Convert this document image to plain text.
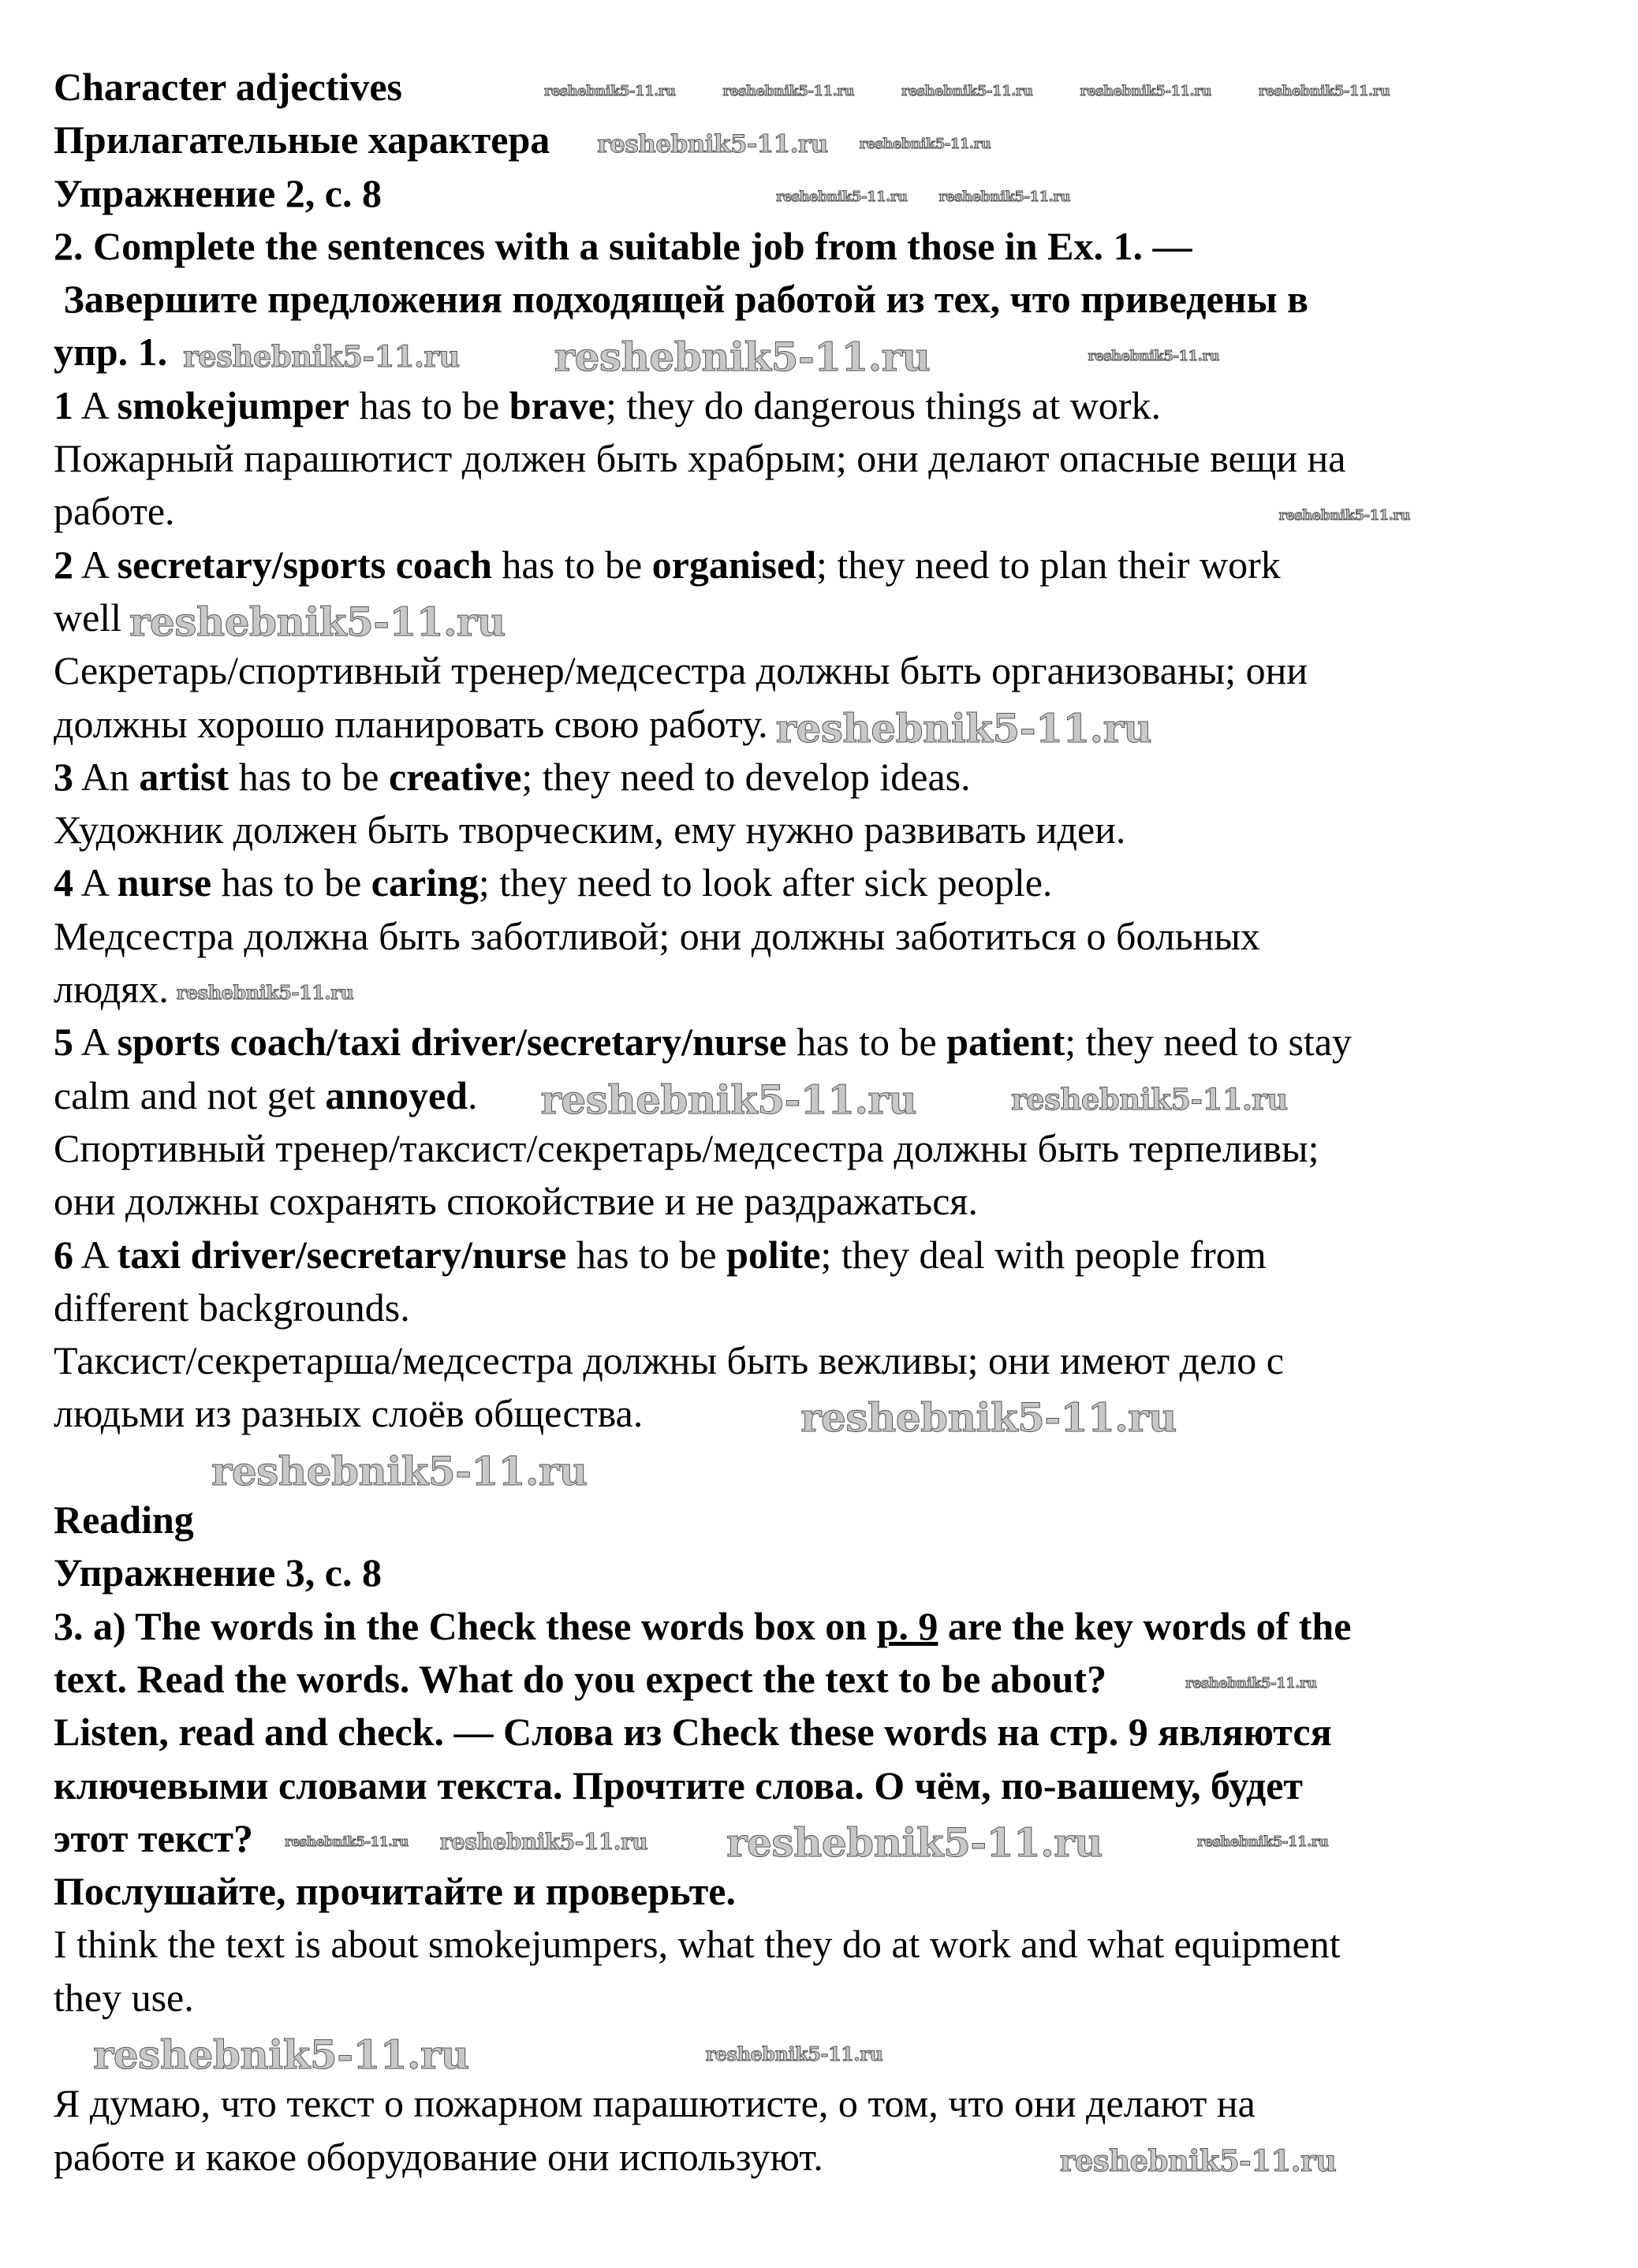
Character adjectives	reshebnik5-11.ru	reshebnik5-11.ru	reshebnik5-11.ru	reshebnik5-11.ru	reshebnik5-11.ru
Прилагательные характера reshebnik5-11.ru reshebnik5-11.ru
Упражнение 2, с. 8	reshebnik5-11.ru reshebnik5-11.ru
2. Complete the sentences with a suitable job from those in Ex. 1. —
Завершите предложения подходящей работой из тех, что приведены в
упр. 1. reshebnik5-11.ru reshebnik5-11.ru	reshebnik5-11.ru
1 A smokejumper has to be brave; they do dangerous things at work.
Пожарный парашютист должен быть храбрым; они делают опасные вещи на
работе.	reshebnik5-11.ru
2 A secretary/sports coach has to be organised; they need to plan their work
well reshebnik5-11.ru
Секретарь/спортивный тренер/медсестра должны быть организованы; они
должны хорошо планировать свою работу. reshebnik5-11.ru
3 An artist has to be creative; they need to develop ideas.
Художник должен быть творческим, ему нужно развивать идеи.
4 A nurse has to be caring; they need to look after sick people.
Медсестра должна быть заботливой; они должны заботиться о больных
людях. reshebnik5-11.ru
5 A sports coach/taxi driver/secretary/nurse has to be patient; they need to stay
calm and not get annoyed. reshebnik5-11.ru	reshebnik5-11.ru
Спортивный тренер/таксист/секретарь/медсестра должны быть терпеливы;
они должны сохранять спокойствие и не раздражаться.
6 A taxi driver/secretary/nurse has to be polite; they deal with people from
different backgrounds.
Таксист/секретарша/медсестра должны быть вежливы; они имеют дело с
людьми из разных слоёв общества.	reshebnik5-11.ru
reshebnik5-11.ru
Reading
Упражнение 3, с. 8
3. a) The words in the Check these words box on p. 9 are the key words of the
text. Read the words. What do you expect the text to be about?	reshebnik5-11.ru
Listen, read and check. — Слова из Check these words на стр. 9 являются
ключевыми словами текста. Прочтите слова. О чём, по-вашему, будет
этот текст? reshebnik5-11.ru reshebnik5-11.ru reshebnik5-11.ru	reshebnik5-11.ru
Послушайте, прочитайте и проверьте.
I think the text is about smokejumpers, what they do at work and what equipment
they use.
reshebnik5-11.ru	reshebnik5-11.ru
Я думаю, что текст о пожарном парашютисте, о том, что они делают на
работе и какое оборудование они используют.	reshebnik5-11.ru
